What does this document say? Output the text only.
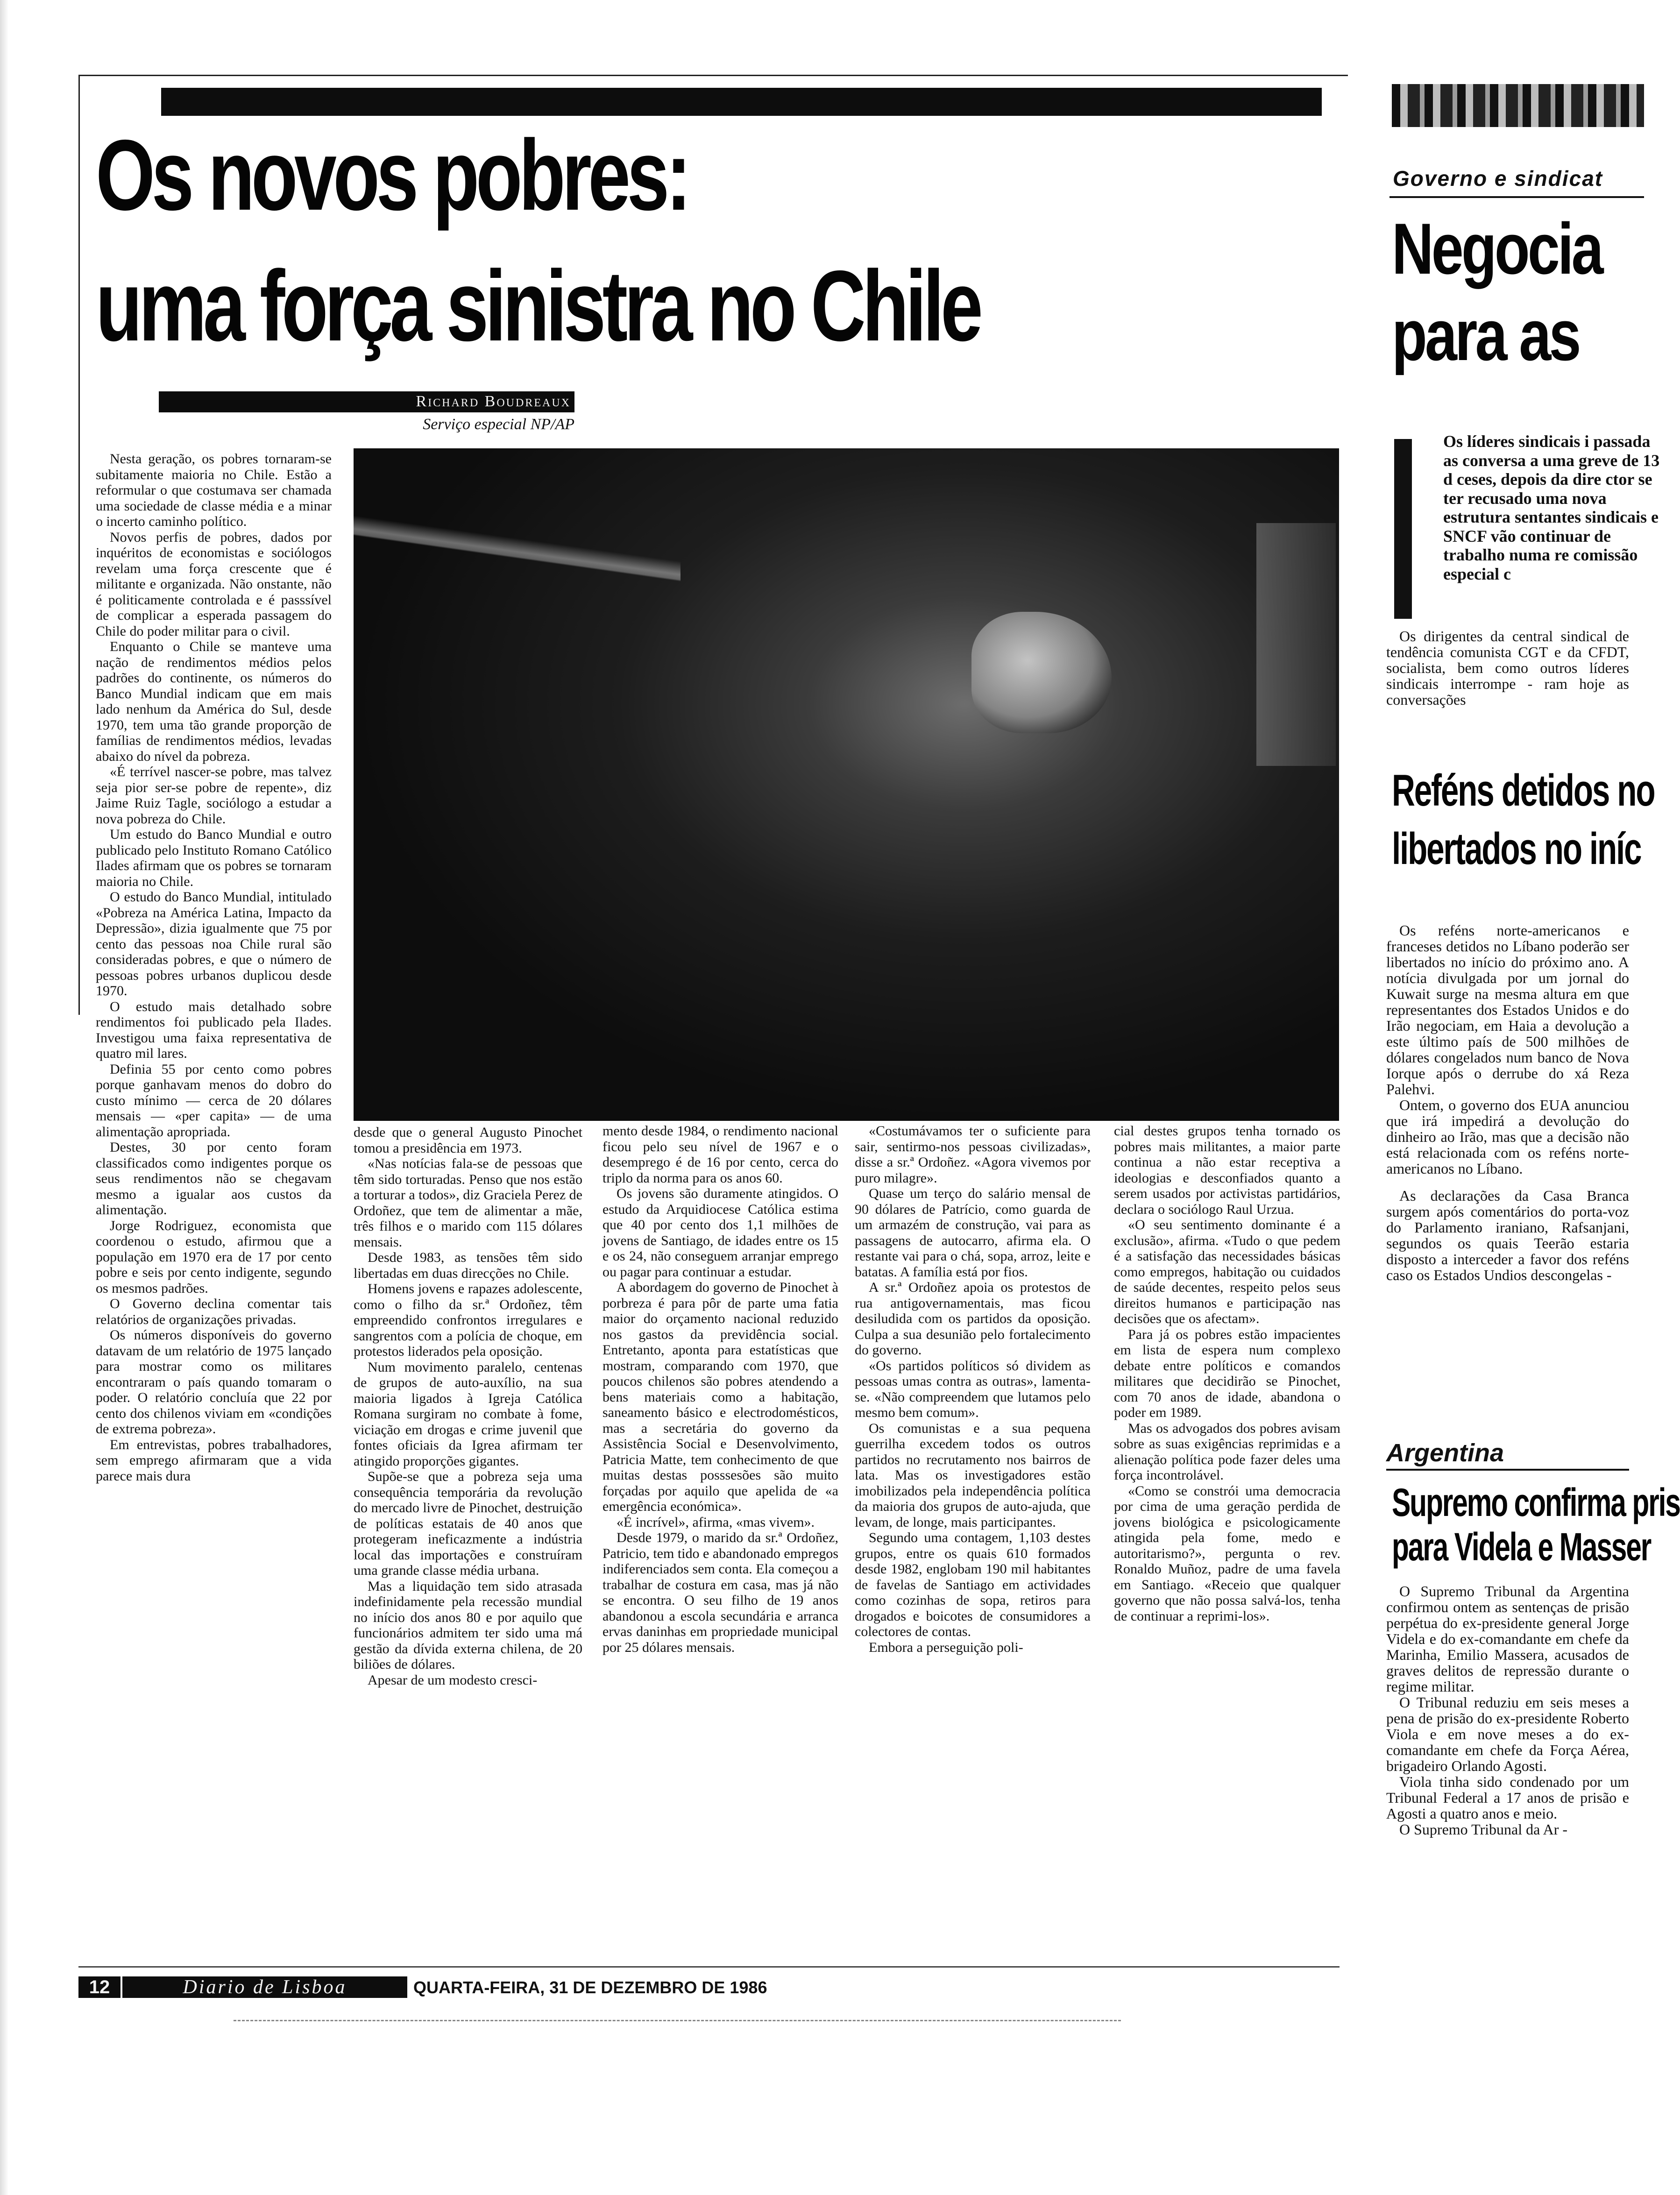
Os novos pobres:
uma força sinistra no Chile
Richard Boudreaux
Serviço especial NP/AP

Nesta geração, os pobres tornaram-se subitamente maioria no Chile. Estão a reformular o que costumava ser chamada uma sociedade de classe média e a minar o incerto caminho político.

Novos perfis de pobres, dados por inquéritos de economistas e sociólogos revelam uma força crescente que é militante e organizada. Não onstante, não é politicamente controlada e é passsível de complicar a esperada passagem do Chile do poder militar para o civil.

Enquanto o Chile se manteve uma nação de rendimentos médios pelos padrões do continente, os números do Banco Mundial indicam que em mais lado nenhum da América do Sul, desde 1970, tem uma tão grande proporção de famílias de rendimentos médios, levadas abaixo do nível da pobreza.

«É terrível nascer-se pobre, mas talvez seja pior ser-se pobre de repente», diz Jaime Ruiz Tagle, sociólogo a estudar a nova pobreza do Chile.

Um estudo do Banco Mundial e outro publicado pelo Instituto Romano Católico Ilades afirmam que os pobres se tornaram maioria no Chile.

O estudo do Banco Mundial, intitulado «Pobreza na América Latina, Impacto da Depressão», dizia igualmente que 75 por cento das pessoas noa Chile rural são consideradas pobres, e que o número de pessoas pobres urbanos duplicou desde 1970.

O estudo mais detalhado sobre rendimentos foi publicado pela Ilades. Investigou uma faixa representativa de quatro mil lares.

Definia 55 por cento como pobres porque ganhavam menos do dobro do custo mínimo — cerca de 20 dólares mensais — «per capita» — de uma alimentação apropriada.

Destes, 30 por cento foram classificados como indigentes porque os seus rendimentos não se chegavam mesmo a igualar aos custos da alimentação.

Jorge Rodriguez, economista que coordenou o estudo, afirmou que a população em 1970 era de 17 por cento pobre e seis por cento indigente, segundo os mesmos padrões.

O Governo declina comentar tais relatórios de organizações privadas.

Os números disponíveis do governo datavam de um relatório de 1975 lançado para mostrar como os militares encontraram o país quando tomaram o poder. O relatório concluía que 22 por cento dos chilenos viviam em «condições de extrema pobreza».

Em entrevistas, pobres trabalhadores, sem emprego afirmaram que a vida parece mais dura

desde que o general Augusto Pinochet tomou a presidência em 1973.

«Nas notícias fala-se de pessoas que têm sido torturadas. Penso que nos estão a torturar a todos», diz Graciela Perez de Ordoñez, que tem de alimentar a mãe, três filhos e o marido com 115 dólares mensais.

Desde 1983, as tensões têm sido libertadas em duas direcções no Chile.

Homens jovens e rapazes adolescente, como o filho da sr.ª Ordoñez, têm empreendido confrontos irregulares e sangrentos com a polícia de choque, em protestos liderados pela oposição.

Num movimento paralelo, centenas de grupos de auto-auxílio, na sua maioria ligados à Igreja Católica Romana surgiram no combate à fome, viciação em drogas e crime juvenil que fontes oficiais da Igrea afirmam ter atingido proporções gigantes.

Supõe-se que a pobreza seja uma consequência temporária da revolução do mercado livre de Pinochet, destruição de políticas estatais de 40 anos que protegeram ineficazmente a indústria local das importações e construíram uma grande classe média urbana.

Mas a liquidação tem sido atrasada indefinidamente pela recessão mundial no início dos anos 80 e por aquilo que funcionários admitem ter sido uma má gestão da dívida externa chilena, de 20 biliões de dólares.

Apesar de um modesto cresci-

mento desde 1984, o rendimento nacional ficou pelo seu nível de 1967 e o desemprego é de 16 por cento, cerca do triplo da norma para os anos 60.

Os jovens são duramente atingidos. O estudo da Arquidiocese Católica estima que 40 por cento dos 1,1 milhões de jovens de Santiago, de idades entre os 15 e os 24, não conseguem arranjar emprego ou pagar para continuar a estudar.

A abordagem do governo de Pinochet à porbreza é para pôr de parte uma fatia maior do orçamento nacional reduzido nos gastos da previdência social. Entretanto, aponta para estatísticas que mostram, comparando com 1970, que poucos chilenos são pobres atendendo a bens materiais como a habitação, saneamento básico e electrodomésticos, mas a secretária do governo da Assistência Social e Desenvolvimento, Patricia Matte, tem conhecimento de que muitas destas posssesões são muito forçadas por aquilo que apelida de «a emergência económica».

«É incrível», afirma, «mas vivem».

Desde 1979, o marido da sr.ª Ordoñez, Patricio, tem tido e abandonado empregos indiferenciados sem conta. Ela começou a trabalhar de costura em casa, mas já não se encontra. O seu filho de 19 anos abandonou a escola secundária e arranca ervas daninhas em propriedade municipal por 25 dólares mensais.

«Costumávamos ter o suficiente para sair, sentirmo-nos pessoas civilizadas», disse a sr.ª Ordoñez. «Agora vivemos por puro milagre».

Quase um terço do salário mensal de 90 dólares de Patrício, como guarda de um armazém de construção, vai para as passagens de autocarro, afirma ela. O restante vai para o chá, sopa, arroz, leite e batatas. A família está por fios.

A sr.ª Ordoñez apoia os protestos de rua antigovernamentais, mas ficou desiludida com os partidos da oposição. Culpa a sua desunião pelo fortalecimento do governo.

«Os partidos políticos só dividem as pessoas umas contra as outras», lamenta-se. «Não compreendem que lutamos pelo mesmo bem comum».

Os comunistas e a sua pequena guerrilha excedem todos os outros partidos no recrutamento nos bairros de lata. Mas os investigadores estão imobilizados pela independência política da maioria dos grupos de auto-ajuda, que levam, de longe, mais participantes.

Segundo uma contagem, 1,103 destes grupos, entre os quais 610 formados desde 1982, englobam 190 mil habitantes de favelas de Santiago em actividades como cozinhas de sopa, retiros para drogados e boicotes de consumidores a colectores de contas.

Embora a perseguição poli-

cial destes grupos tenha tornado os pobres mais militantes, a maior parte continua a não estar receptiva a ideologias e desconfiados quanto a serem usados por activistas partidários, declara o sociólogo Raul Urzua.

«O seu sentimento dominante é a exclusão», afirma. «Tudo o que pedem é a satisfação das necessidades básicas como empregos, habitação ou cuidados de saúde decentes, respeito pelos seus direitos humanos e participação nas decisões que os afectam».

Para já os pobres estão impacientes em lista de espera num complexo debate entre políticos e comandos militares que decidirão se Pinochet, com 70 anos de idade, abandona o poder em 1989.

Mas os advogados dos pobres avisam sobre as suas exigências reprimidas e a alienação política pode fazer deles uma força incontrolável.

«Como se constrói uma democracia por cima de uma geração perdida de jovens biológica e psicologicamente atingida pela fome, medo e autoritarismo?», pergunta o rev. Ronaldo Muñoz, padre de uma favela em Santiago. «Receio que qualquer governo que não possa salvá-los, tenha de continuar a reprimi-los».

Governo e sindicat
Negocia
para as
Os líderes sindicais i passada as conversa a uma greve de 13 d ceses, depois da dire ctor se ter recusado uma nova estrutura sentantes sindicais e SNCF vão continuar de trabalho numa re comissão especial c

Os dirigentes da central sindical de tendência comunista CGT e da CFDT, socialista, bem como outros líderes sindicais interrompe - ram hoje as conversações

Reféns detidos no
libertados no iníc

Os reféns norte-americanos e franceses detidos no Líbano poderão ser libertados no início do próximo ano. A notícia divulgada por um jornal do Kuwait surge na mesma altura em que representantes dos Estados Unidos e do Irão negociam, em Haia a devolução a este último país de 500 milhões de dólares congelados num banco de Nova Iorque após o derrube do xá Reza Palehvi.

Ontem, o governo dos EUA anunciou que irá impedirá a devolução do dinheiro ao Irão, mas que a decisão não está relacionada com os reféns norte-americanos no Líbano.

As declarações da Casa Branca surgem após comentários do porta-voz do Parlamento iraniano, Rafsanjani, segundos os quais Teerão estaria disposto a interceder a favor dos reféns caso os Estados Undios descongelas -

Argentina
Supremo confirma pris
para Videla e Masser

O Supremo Tribunal da Argentina confirmou ontem as sentenças de prisão perpétua do ex-presidente general Jorge Videla e do ex-comandante em chefe da Marinha, Emilio Massera, acusados de graves delitos de repressão durante o regime militar.

O Tribunal reduziu em seis meses a pena de prisão do ex-presidente Roberto Viola e em nove meses a do ex-comandante em chefe da Força Aérea, brigadeiro Orlando Agosti.

Viola tinha sido condenado por um Tribunal Federal a 17 anos de prisão e Agosti a quatro anos e meio.

O Supremo Tribunal da Ar -

12	Diario de Lisboa	QUARTA-FEIRA, 31 DE DEZEMBRO DE 1986
